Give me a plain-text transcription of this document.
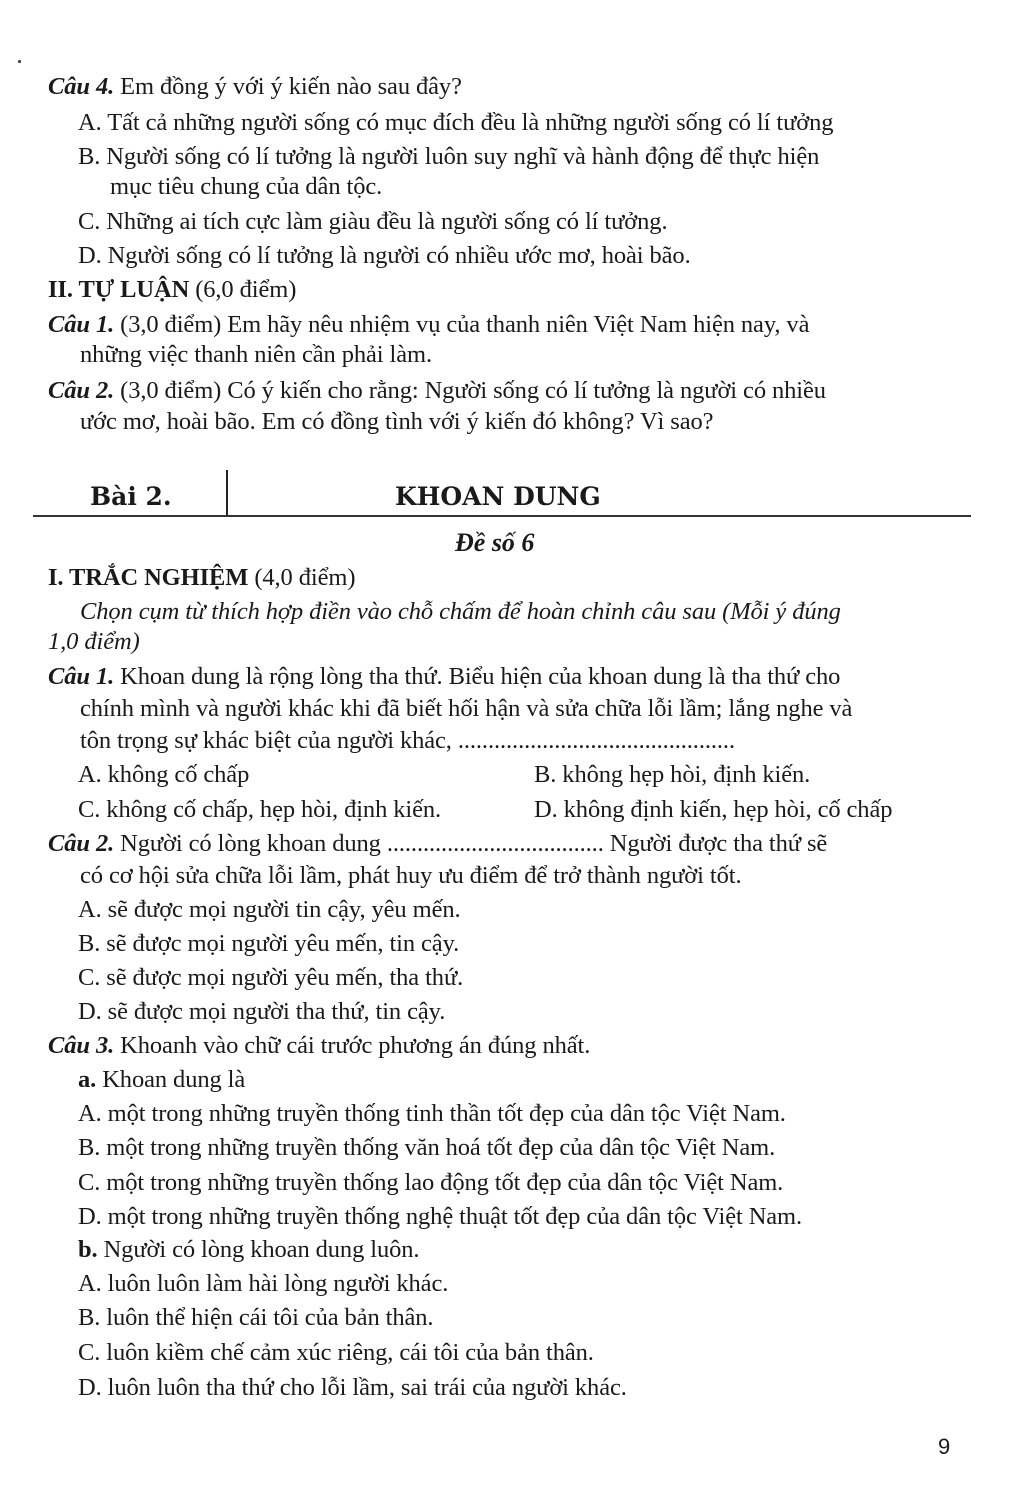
Câu 4. Em đồng ý với ý kiến nào sau đây?
A. Tất cả những người sống có mục đích đều là những người sống có lí tưởng
B. Người sống có lí tưởng là người luôn suy nghĩ và hành động để thực hiện
mục tiêu chung của dân tộc.
C. Những ai tích cực làm giàu đều là người sống có lí tưởng.
D. Người sống có lí tưởng là người có nhiều ước mơ, hoài bão.
II. TỰ LUẬN (6,0 điểm)
Câu 1. (3,0 điểm) Em hãy nêu nhiệm vụ của thanh niên Việt Nam hiện nay, và
những việc thanh niên cần phải làm.
Câu 2. (3,0 điểm) Có ý kiến cho rằng: Người sống có lí tưởng là người có nhiều
ước mơ, hoài bão. Em có đồng tình với ý kiến đó không? Vì sao?
Bài 2.	KHOAN DUNG
Đề số 6
I. TRẮC NGHIỆM (4,0 điểm)
Chọn cụm từ thích hợp điền vào chỗ chấm để hoàn chỉnh câu sau (Mỗi ý đúng
1,0 điểm)
Câu 1. Khoan dung là rộng lòng tha thứ. Biểu hiện của khoan dung là tha thứ cho
chính mình và người khác khi đã biết hối hận và sửa chữa lỗi lầm; lắng nghe và
tôn trọng sự khác biệt của người khác, ..............................................
A. không cố chấp	B. không hẹp hòi, định kiến.
C. không cố chấp, hẹp hòi, định kiến.	D. không định kiến, hẹp hòi, cố chấp
Câu 2. Người có lòng khoan dung .................................... Người được tha thứ sẽ
có cơ hội sửa chữa lỗi lầm, phát huy ưu điểm để trở thành người tốt.
A. sẽ được mọi người tin cậy, yêu mến.
B. sẽ được mọi người yêu mến, tin cậy.
C. sẽ được mọi người yêu mến, tha thứ.
D. sẽ được mọi người tha thứ, tin cậy.
Câu 3. Khoanh vào chữ cái trước phương án đúng nhất.
a. Khoan dung là
A. một trong những truyền thống tinh thần tốt đẹp của dân tộc Việt Nam.
B. một trong những truyền thống văn hoá tốt đẹp của dân tộc Việt Nam.
C. một trong những truyền thống lao động tốt đẹp của dân tộc Việt Nam.
D. một trong những truyền thống nghệ thuật tốt đẹp của dân tộc Việt Nam.
b. Người có lòng khoan dung luôn.
A. luôn luôn làm hài lòng người khác.
B. luôn thể hiện cái tôi của bản thân.
C. luôn kiềm chế cảm xúc riêng, cái tôi của bản thân.
D. luôn luôn tha thứ cho lỗi lầm, sai trái của người khác.
9
